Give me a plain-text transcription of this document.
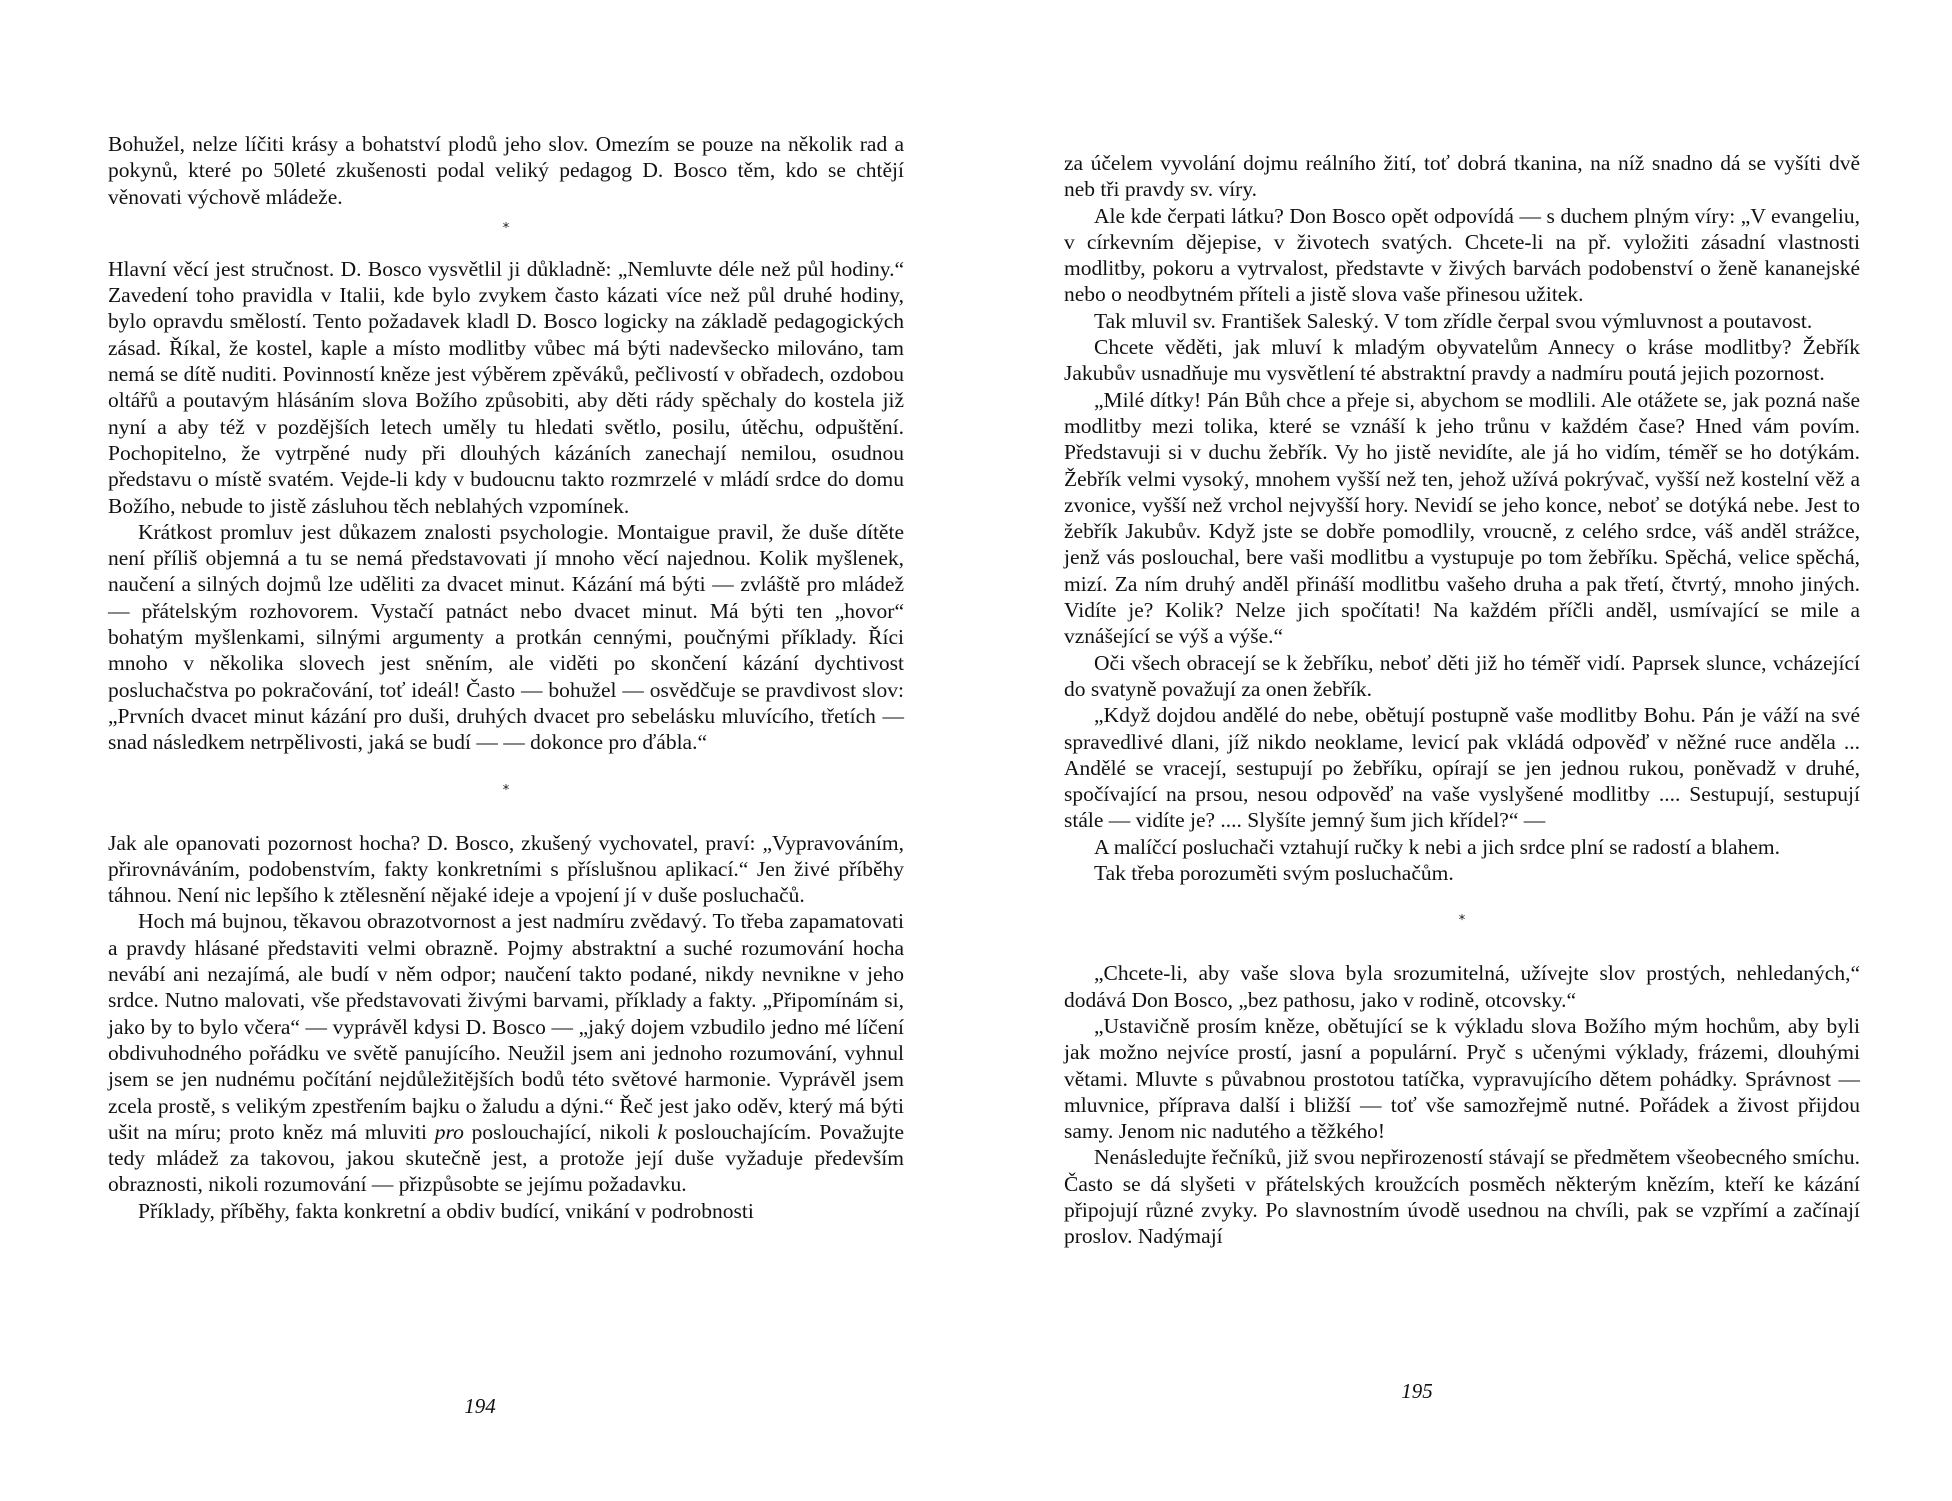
Bohužel, nelze líčiti krásy a bohatství plodů jeho slov. Omezím se pouze na několik rad a pokynů, které po 50leté zkušenosti podal veliký pedagog D. Bosco těm, kdo se chtějí věnovati výchově mládeže.

*

Hlavní věcí jest stručnost. D. Bosco vysvětlil ji důkladně: „Nemluvte déle než půl hodiny.“ Zavedení toho pravidla v Italii, kde bylo zvykem často kázati více než půl druhé hodiny, bylo opravdu smělostí. Tento požadavek kladl D. Bosco logicky na základě pedagogických zásad. Říkal, že kostel, kaple a místo modlitby vůbec má býti nadevšecko milováno, tam nemá se dítě nuditi. Povinností kněze jest výběrem zpěváků, pečlivostí v obřadech, ozdobou oltářů a poutavým hlásáním slova Božího způsobiti, aby děti rády spěchaly do kostela již nyní a aby též v pozdějších letech uměly tu hledati světlo, posilu, útěchu, odpuštění. Pochopitelno, že vytrpěné nudy při dlouhých kázáních zanechají nemilou, osudnou představu o místě svatém. Vejde-li kdy v budoucnu takto rozmrzelé v mládí srdce do domu Božího, nebude to jistě zásluhou těch neblahých vzpomínek.

Krátkost promluv jest důkazem znalosti psychologie. Montaigue pravil, že duše dítěte není příliš objemná a tu se nemá představovati jí mnoho věcí najednou. Kolik myšlenek, naučení a silných dojmů lze uděliti za dvacet minut. Kázání má býti — zvláště pro mládež — přátelským rozhovorem. Vystačí patnáct nebo dvacet minut. Má býti ten „hovor“ bohatým myšlenkami, silnými argumenty a protkán cennými, poučnými příklady. Říci mnoho v několika slovech jest sněním, ale viděti po skončení kázání dychtivost posluchačstva po pokračování, toť ideál! Často — bohužel — osvědčuje se pravdivost slov: „Prvních dvacet minut kázání pro duši, druhých dvacet pro sebelásku mluvícího, třetích — snad následkem netrpělivosti, jaká se budí — — dokonce pro ďábla.“

*

Jak ale opanovati pozornost hocha? D. Bosco, zkušený vychovatel, praví: „Vypravováním, přirovnáváním, podobenstvím, fakty konkretními s příslušnou aplikací.“ Jen živé příběhy táhnou. Není nic lepšího k ztělesnění nějaké ideje a vpojení jí v duše posluchačů.

Hoch má bujnou, těkavou obrazotvornost a jest nadmíru zvědavý. To třeba zapamatovati a pravdy hlásané představiti velmi obrazně. Pojmy abstraktní a suché rozumování hocha nevábí ani nezajímá, ale budí v něm odpor; naučení takto podané, nikdy nevnikne v jeho srdce. Nutno malovati, vše představovati živými barvami, příklady a fakty. „Připomínám si, jako by to bylo včera“ — vyprávěl kdysi D. Bosco — „jaký dojem vzbudilo jedno mé líčení obdivuhodného pořádku ve světě panujícího. Neužil jsem ani jednoho rozumování, vyhnul jsem se jen nudnému počítání nejdůležitějších bodů této světové harmonie. Vyprávěl jsem zcela prostě, s velikým zpestřením bajku o žaludu a dýni.“ Řeč jest jako oděv, který má býti ušit na míru; proto kněz má mluviti pro poslouchající, nikoli k poslouchajícím. Považujte tedy mládež za takovou, jakou skutečně jest, a protože její duše vyžaduje především obraznosti, nikoli rozumování — přizpůsobte se jejímu požadavku.

Příklady, příběhy, fakta konkretní a obdiv budící, vnikání v podrobnosti

194

za účelem vyvolání dojmu reálního žití, toť dobrá tkanina, na níž snadno dá se vyšíti dvě neb tři pravdy sv. víry.

Ale kde čerpati látku? Don Bosco opět odpovídá — s duchem plným víry: „V evangeliu, v církevním dějepise, v životech svatých. Chcete-li na př. vyložiti zásadní vlastnosti modlitby, pokoru a vytrvalost, představte v živých barvách podobenství o ženě kananejské nebo o neodbytném příteli a jistě slova vaše přinesou užitek.

Tak mluvil sv. František Saleský. V tom zřídle čerpal svou výmluvnost a poutavost.

Chcete věděti, jak mluví k mladým obyvatelům Annecy o kráse modlitby? Žebřík Jakubův usnadňuje mu vysvětlení té abstraktní pravdy a nadmíru poutá jejich pozornost.

„Milé dítky! Pán Bůh chce a přeje si, abychom se modlili. Ale otážete se, jak pozná naše modlitby mezi tolika, které se vznáší k jeho trůnu v každém čase? Hned vám povím. Představuji si v duchu žebřík. Vy ho jistě nevidíte, ale já ho vidím, téměř se ho dotýkám. Žebřík velmi vysoký, mnohem vyšší než ten, jehož užívá pokrývač, vyšší než kostelní věž a zvonice, vyšší než vrchol nejvyšší hory. Nevidí se jeho konce, neboť se dotýká nebe. Jest to žebřík Jakubův. Když jste se dobře pomodlily, vroucně, z celého srdce, váš anděl strážce, jenž vás poslouchal, bere vaši modlitbu a vystupuje po tom žebříku. Spěchá, velice spěchá, mizí. Za ním druhý anděl přináší modlitbu vašeho druha a pak třetí, čtvrtý, mnoho jiných. Vidíte je? Kolik? Nelze jich spočítati! Na každém příčli anděl, usmívající se mile a vznášející se výš a výše.“

Oči všech obracejí se k žebříku, neboť děti již ho téměř vidí. Paprsek slunce, vcházející do svatyně považují za onen žebřík.

„Když dojdou andělé do nebe, obětují postupně vaše modlitby Bohu. Pán je váží na své spravedlivé dlani, jíž nikdo neoklame, levicí pak vkládá odpověď v něžné ruce anděla ... Andělé se vracejí, sestupují po žebříku, opírají se jen jednou rukou, poněvadž v druhé, spočívající na prsou, nesou odpověď na vaše vyslyšené modlitby .... Sestupují, sestupují stále — vidíte je? .... Slyšíte jemný šum jich křídel?“ —

A malíčcí posluchači vztahují ručky k nebi a jich srdce plní se radostí a blahem.

Tak třeba porozuměti svým posluchačům.

*

„Chcete-li, aby vaše slova byla srozumitelná, užívejte slov prostých, nehledaných,“ dodává Don Bosco, „bez pathosu, jako v rodině, otcovsky.“

„Ustavičně prosím kněze, obětující se k výkladu slova Božího mým hochům, aby byli jak možno nejvíce prostí, jasní a populární. Pryč s učenými výklady, frázemi, dlouhými větami. Mluvte s půvabnou prostotou tatíčka, vypravujícího dětem pohádky. Správnost — mluvnice, příprava další i bližší — toť vše samozřejmě nutné. Pořádek a živost přijdou samy. Jenom nic nadutého a těžkého!

Nenásledujte řečníků, již svou nepřirozeností stávají se předmětem všeobecného smíchu. Často se dá slyšeti v přátelských kroužcích posměch některým knězím, kteří ke kázání připojují různé zvyky. Po slavnostním úvodě usednou na chvíli, pak se vzpřímí a začínají proslov. Nadýmají

195
